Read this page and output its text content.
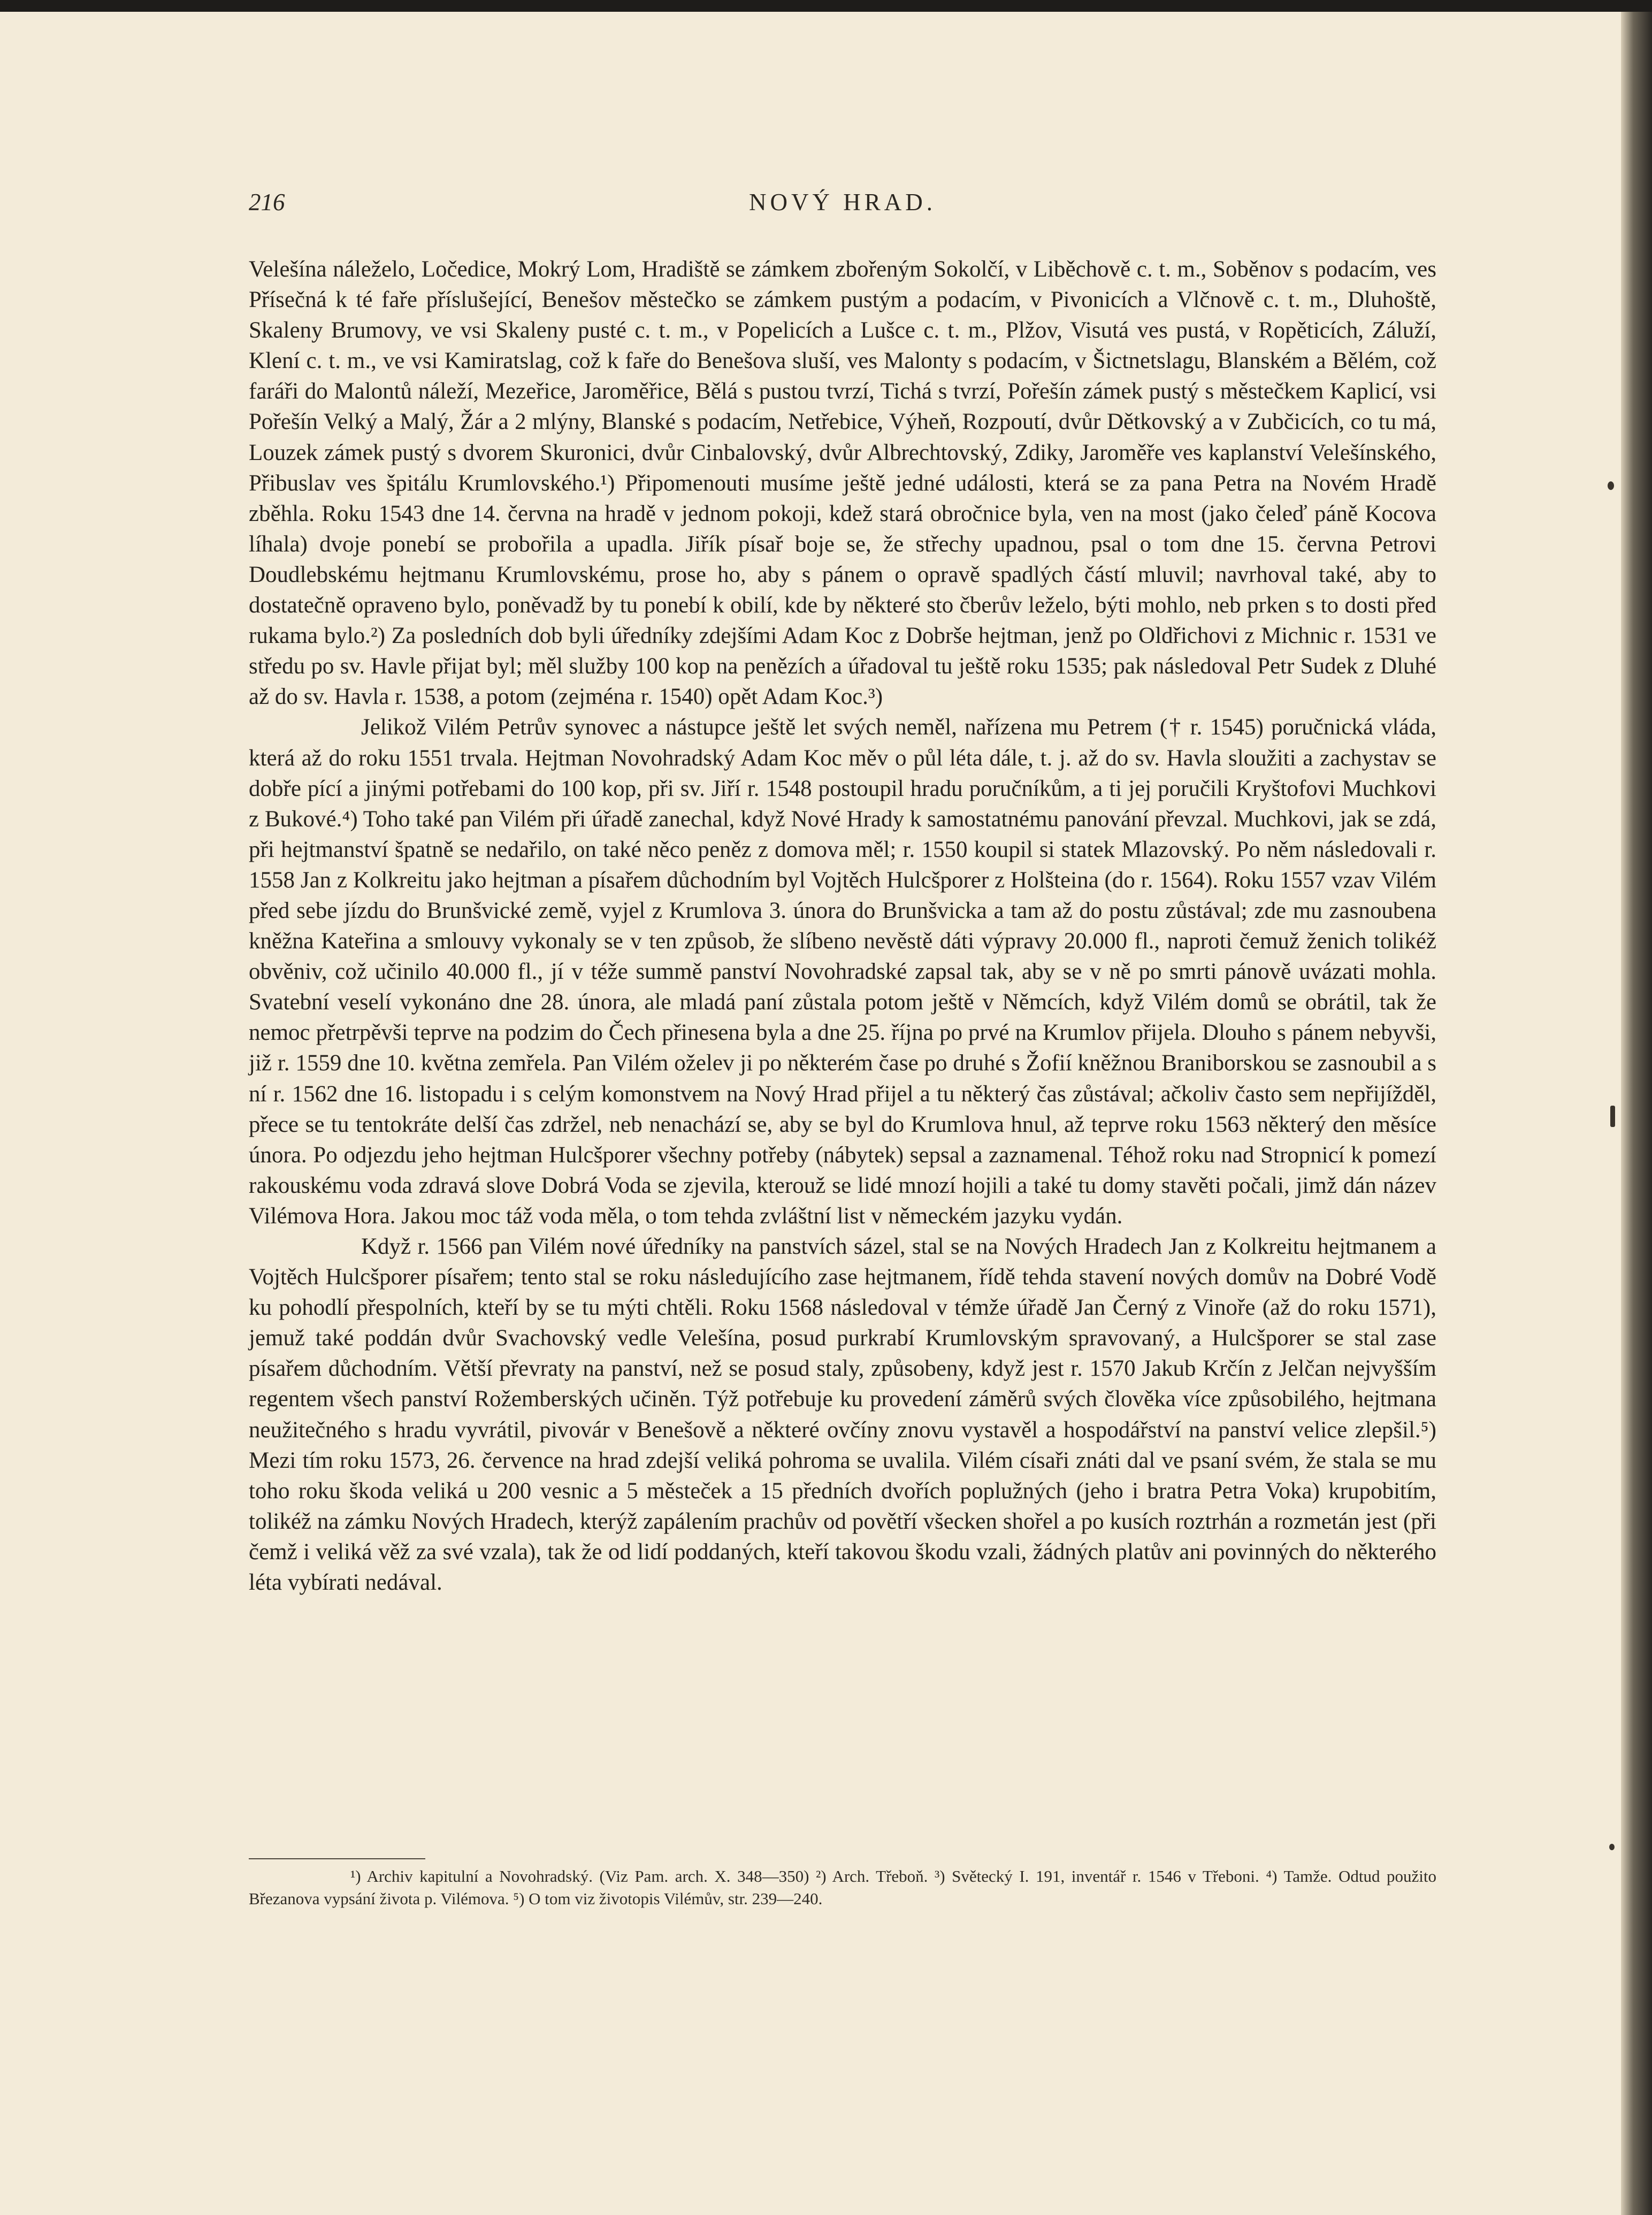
216	NOVÝ HRAD.

Velešína náleželo, Ločedice, Mokrý Lom, Hradiště se zámkem zbořeným Sokolčí, v Liběchově c. t. m., Soběnov s podacím, ves Přísečná k té faře příslušející, Benešov městečko se zámkem pustým a podacím, v Pivonicích a Vlčnově c. t. m., Dluhoště, Skaleny Brumovy, ve vsi Skaleny pusté c. t. m., v Popelicích a Lušce c. t. m., Plžov, Visutá ves pustá, v Ropěticích, Záluží, Klení c. t. m., ve vsi Kamiratslag, což k faře do Benešova sluší, ves Malonty s podacím, v Šictnetslagu, Blanském a Bělém, což faráři do Malontů náleží, Mezeřice, Jaroměřice, Bělá s pustou tvrzí, Tichá s tvrzí, Pořešín zámek pustý s městečkem Kaplicí, vsi Pořešín Velký a Malý, Žár a 2 mlýny, Blanské s podacím, Netřebice, Výheň, Rozpoutí, dvůr Dětkovský a v Zubčicích, co tu má, Louzek zámek pustý s dvorem Skuronici, dvůr Cinbalovský, dvůr Albrechtovský, Zdiky, Jaroměře ves kaplanství Velešínského, Přibuslav ves špitálu Krumlovského.¹) Připomenouti musíme ještě jedné události, která se za pana Petra na Novém Hradě zběhla. Roku 1543 dne 14. června na hradě v jednom pokoji, kdež stará obročnice byla, ven na most (jako čeleď páně Kocova líhala) dvoje ponebí se probořila a upadla. Jiřík písař boje se, že střechy upadnou, psal o tom dne 15. června Petrovi Doudlebskému hejtmanu Krumlovskému, prose ho, aby s pánem o opravě spadlých částí mluvil; navrhoval také, aby to dostatečně opraveno bylo, poněvadž by tu ponebí k obilí, kde by některé sto čberův leželo, býti mohlo, neb prken s to dosti před rukama bylo.²) Za posledních dob byli úředníky zdejšími Adam Koc z Dobrše hejtman, jenž po Oldřichovi z Michnic r. 1531 ve středu po sv. Havle přijat byl; měl služby 100 kop na penězích a úřadoval tu ještě roku 1535; pak následoval Petr Sudek z Dluhé až do sv. Havla r. 1538, a potom (zejména r. 1540) opět Adam Koc.³)

Jelikož Vilém Petrův synovec a nástupce ještě let svých neměl, nařízena mu Petrem († r. 1545) poručnická vláda, která až do roku 1551 trvala. Hejtman Novohradský Adam Koc měv o půl léta dále, t. j. až do sv. Havla sloužiti a zachystav se dobře pící a jinými potřebami do 100 kop, při sv. Jiří r. 1548 postoupil hradu poručníkům, a ti jej poručili Kryštofovi Muchkovi z Bukové.⁴) Toho také pan Vilém při úřadě zanechal, když Nové Hrady k samostatnému panování převzal. Muchkovi, jak se zdá, při hejtmanství špatně se nedařilo, on také něco peněz z domova měl; r. 1550 koupil si statek Mlazovský. Po něm následovali r. 1558 Jan z Kolkreitu jako hejtman a písařem důchodním byl Vojtěch Hulcšporer z Holšteina (do r. 1564). Roku 1557 vzav Vilém před sebe jízdu do Brunšvické země, vyjel z Krumlova 3. února do Brunšvicka a tam až do postu zůstával; zde mu zasnoubena kněžna Kateřina a smlouvy vykonaly se v ten způsob, že slíbeno nevěstě dáti výpravy 20.000 fl., naproti čemuž ženich tolikéž obvěniv, což učinilo 40.000 fl., jí v téže summě panství Novohradské zapsal tak, aby se v ně po smrti pánově uvázati mohla. Svatební veselí vykonáno dne 28. února, ale mladá paní zůstala potom ještě v Němcích, když Vilém domů se obrátil, tak že nemoc přetrpěvši teprve na podzim do Čech přinesena byla a dne 25. října po prvé na Krumlov přijela. Dlouho s pánem nebyvši, již r. 1559 dne 10. května zemřela. Pan Vilém oželev ji po některém čase po druhé s Žofií kněžnou Braniborskou se zasnoubil a s ní r. 1562 dne 16. listopadu i s celým komonstvem na Nový Hrad přijel a tu některý čas zůstával; ačkoliv často sem nepřijížděl, přece se tu tentokráte delší čas zdržel, neb nenachází se, aby se byl do Krumlova hnul, až teprve roku 1563 některý den měsíce února. Po odjezdu jeho hejtman Hulcšporer všechny potřeby (nábytek) sepsal a zaznamenal. Téhož roku nad Stropnicí k pomezí rakouskému voda zdravá slove Dobrá Voda se zjevila, kterouž se lidé mnozí hojili a také tu domy stavěti počali, jimž dán název Vilémova Hora. Jakou moc táž voda měla, o tom tehda zvláštní list v německém jazyku vydán.

Když r. 1566 pan Vilém nové úředníky na panstvích sázel, stal se na Nových Hradech Jan z Kolkreitu hejtmanem a Vojtěch Hulcšporer písařem; tento stal se roku následujícího zase hejtmanem, řídě tehda stavení nových domův na Dobré Vodě ku pohodlí přespolních, kteří by se tu mýti chtěli. Roku 1568 následoval v témže úřadě Jan Černý z Vinoře (až do roku 1571), jemuž také poddán dvůr Svachovský vedle Velešína, posud purkrabí Krumlovským spravovaný, a Hulcšporer se stal zase písařem důchodním. Větší převraty na panství, než se posud staly, způsobeny, když jest r. 1570 Jakub Krčín z Jelčan nejvyšším regentem všech panství Rožemberských učiněn. Týž potřebuje ku provedení záměrů svých člověka více způsobilého, hejtmana neužitečného s hradu vyvrátil, pivovár v Benešově a některé ovčíny znovu vystavěl a hospodářství na panství velice zlepšil.⁵) Mezi tím roku 1573, 26. července na hrad zdejší veliká pohroma se uvalila. Vilém císaři znáti dal ve psaní svém, že stala se mu toho roku škoda veliká u 200 vesnic a 5 městeček a 15 předních dvořích poplužných (jeho i bratra Petra Voka) krupobitím, tolikéž na zámku Nových Hradech, kterýž zapálením prachův od povětří všecken shořel a po kusích roztrhán a rozmetán jest (při čemž i veliká věž za své vzala), tak že od lidí poddaných, kteří takovou škodu vzali, žádných platův ani povinných do některého léta vybírati nedával.

¹) Archiv kapitulní a Novohradský. (Viz Pam. arch. X. 348—350) ²) Arch. Třeboň. ³) Světecký I. 191, inventář r. 1546 v Třeboni. ⁴) Tamže. Odtud použito Březanova vypsání života p. Vilémova. ⁵) O tom viz životopis Vilémův, str. 239—240.
